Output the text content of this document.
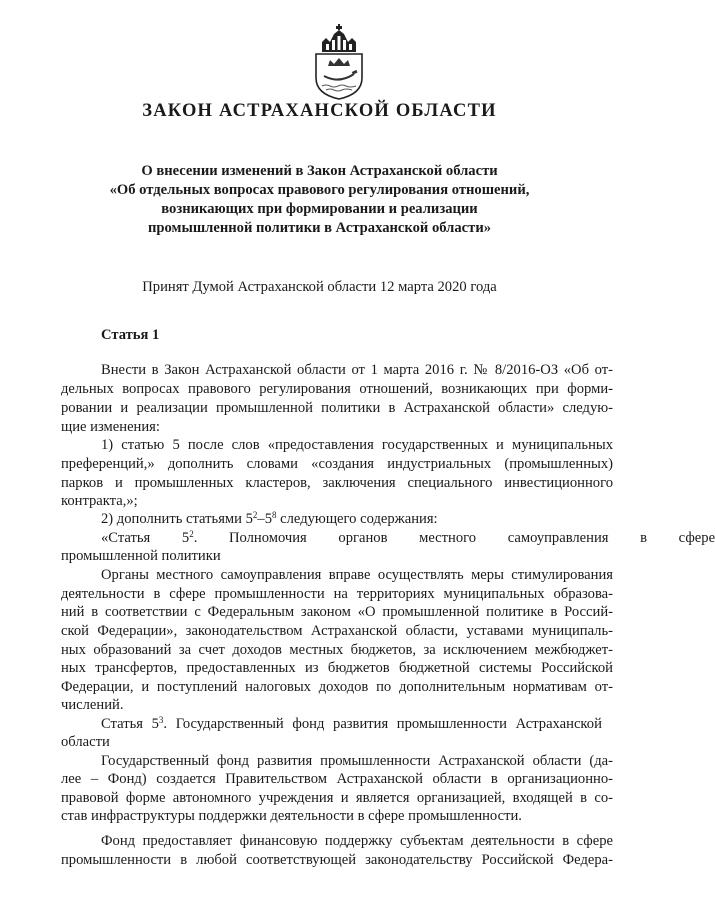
ЗАКОН АСТРАХАНСКОЙ ОБЛАСТИ
О внесении изменений в Закон Астраханской области
«Об отдельных вопросах правового регулирования отношений,
возникающих при формировании и реализации
промышленной политики в Астраханской области»
Принят Думой Астраханской области 12 марта 2020 года
Статья 1
Внести в Закон Астраханской области от 1 марта 2016 г. № 8/2016-ОЗ «Об от-
дельных вопросах правового регулирования отношений, возникающих при форми-
ровании и реализации промышленной политики в Астраханской области» следую-
щие изменения:
1) статью 5 после слов «предоставления государственных и муниципальных
преференций,» дополнить словами «создания индустриальных (промышленных)
парков и промышленных кластеров, заключения специального инвестиционного
контракта,»;
2) дополнить статьями $5^2-5^8$ следующего содержания:
«Статья $5^2$. Полномочия органов местного самоуправления в сфере
промышленной политики
Органы местного самоуправления вправе осуществлять меры стимулирования
деятельности в сфере промышленности на территориях муниципальных образова-
ний в соответствии с Федеральным законом «О промышленной политике в Россий-
ской Федерации», законодательством Астраханской области, уставами муниципаль-
ных образований за счет доходов местных бюджетов, за исключением межбюджет-
ных трансфертов, предоставленных из бюджетов бюджетной системы Российской
Федерации, и поступлений налоговых доходов по дополнительным нормативам от-
числений.
Статья $5^3$. Государственный фонд развития промышленности Астраханской
области
Государственный фонд развития промышленности Астраханской области (да-
лее – Фонд) создается Правительством Астраханской области в организационно-
правовой форме автономного учреждения и является организацией, входящей в со-
став инфраструктуры поддержки деятельности в сфере промышленности.
Фонд предоставляет финансовую поддержку субъектам деятельности в сфере
промышленности в любой соответствующей законодательству Российской Федера-
